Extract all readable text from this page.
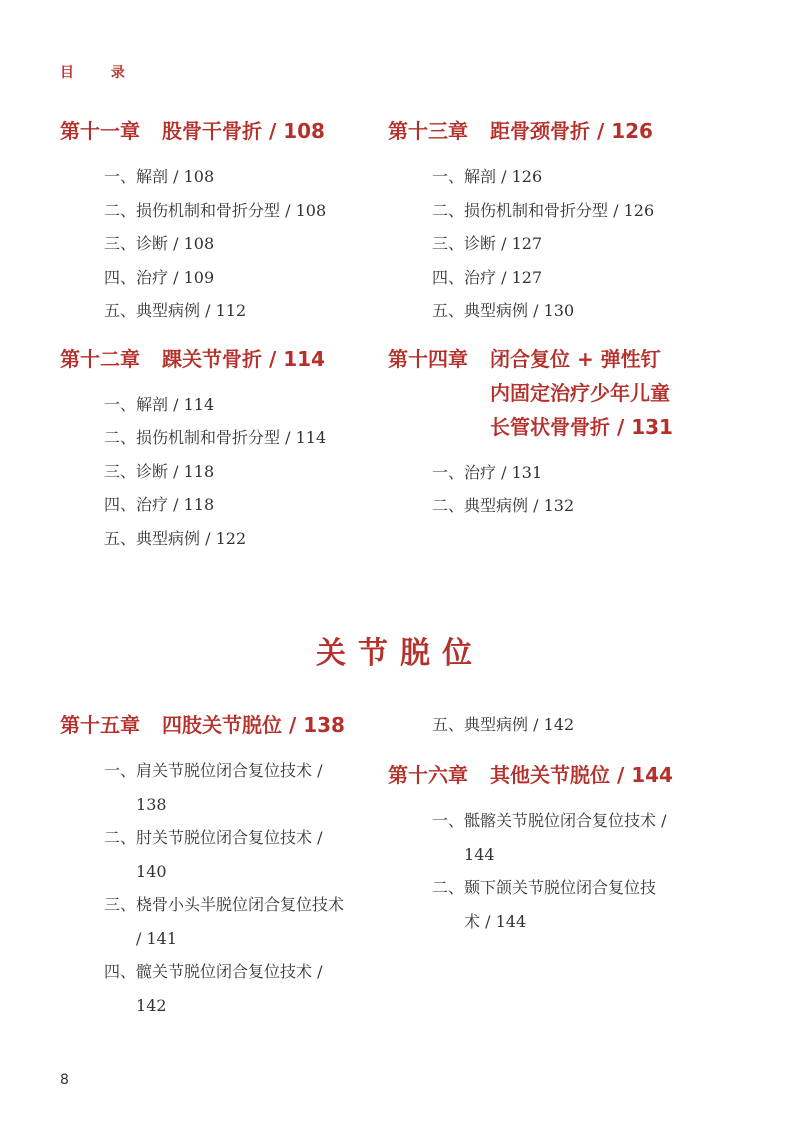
目 录
第十一章 股骨干骨折 / 108
一、 解剖 / 108
二、 损伤机制和骨折分型 / 108
三、 诊断 / 108
四、 治疗 / 109
五、 典型病例 / 112
第十二章 踝关节骨折 / 114
一、 解剖 / 114
二、 损伤机制和骨折分型 / 114
三、 诊断 / 118
四、 治疗 / 118
五、 典型病例 / 122
第十三章 距骨颈骨折 / 126
一、 解剖 / 126
二、 损伤机制和骨折分型 / 126
三、 诊断 / 127
四、 治疗 / 127
五、 典型病例 / 130
第十四章 闭合复位 + 弹性钉内固定治疗少年儿童长管状骨骨折 / 131
一、 治疗 / 131
二、 典型病例 / 132
关节脱位
第十五章 四肢关节脱位 / 138
一、 肩关节脱位闭合复位技术 / 138
二、 肘关节脱位闭合复位技术 / 140
三、 桡骨小头半脱位闭合复位技术 / 141
四、 髋关节脱位闭合复位技术 / 142
五、 典型病例 / 142
第十六章 其他关节脱位 / 144
一、 骶髂关节脱位闭合复位技术 / 144
二、 颞下颌关节脱位闭合复位技术 / 144
8
